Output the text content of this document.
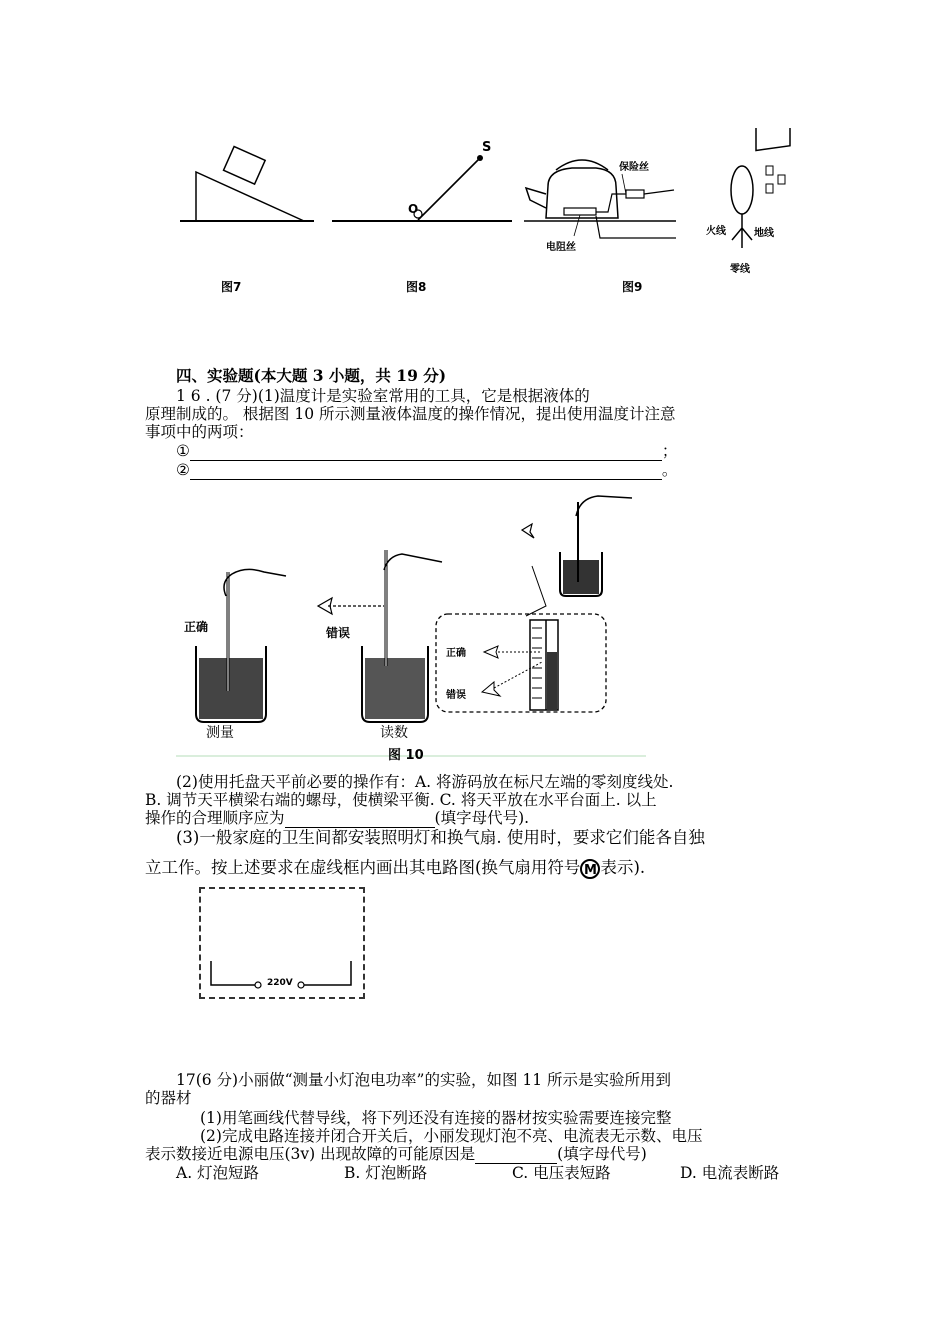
S
O
保险丝
电阻丝
火线	地线
零线
图7	图8	图9
四、实验题(本大题 3 小题，共 19 分)
1 6 . (7 分)(1)温度计是实验室常用的工具，它是根据液体的
原理制成的。 根据图 10 所示测量液体温度的操作情况，提出使用温度计注意
事项中的两项：
①	；
②	。
正确	错误
正确
错误
测量	读数
图 10
(2)使用托盘天平前必要的操作有：A. 将游码放在标尺左端的零刻度线处.
B. 调节天平横梁右端的螺母，使横梁平衡. C. 将天平放在水平台面上. 以上
操作的合理顺序应为	(填字母代号).
(3)一般家庭的卫生间都安装照明灯和换气扇. 使用时，要求它们能各自独
立工作。按上述要求在虚线框内画出其电路图(换气扇用符号 M 表示).
220V
17(6 分)小丽做“测量小灯泡电功率”的实验，如图 11 所示是实验所用到
的器材
(1)用笔画线代替导线，将下列还没有连接的器材按实验需要连接完整
(2)完成电路连接并闭合开关后，小丽发现灯泡不亮、电流表无示数、电压
表示数接近电源电压(3v) 出现故障的可能原因是	(填字母代号)
A. 灯泡短路	B. 灯泡断路	C. 电压表短路	D. 电流表断路
